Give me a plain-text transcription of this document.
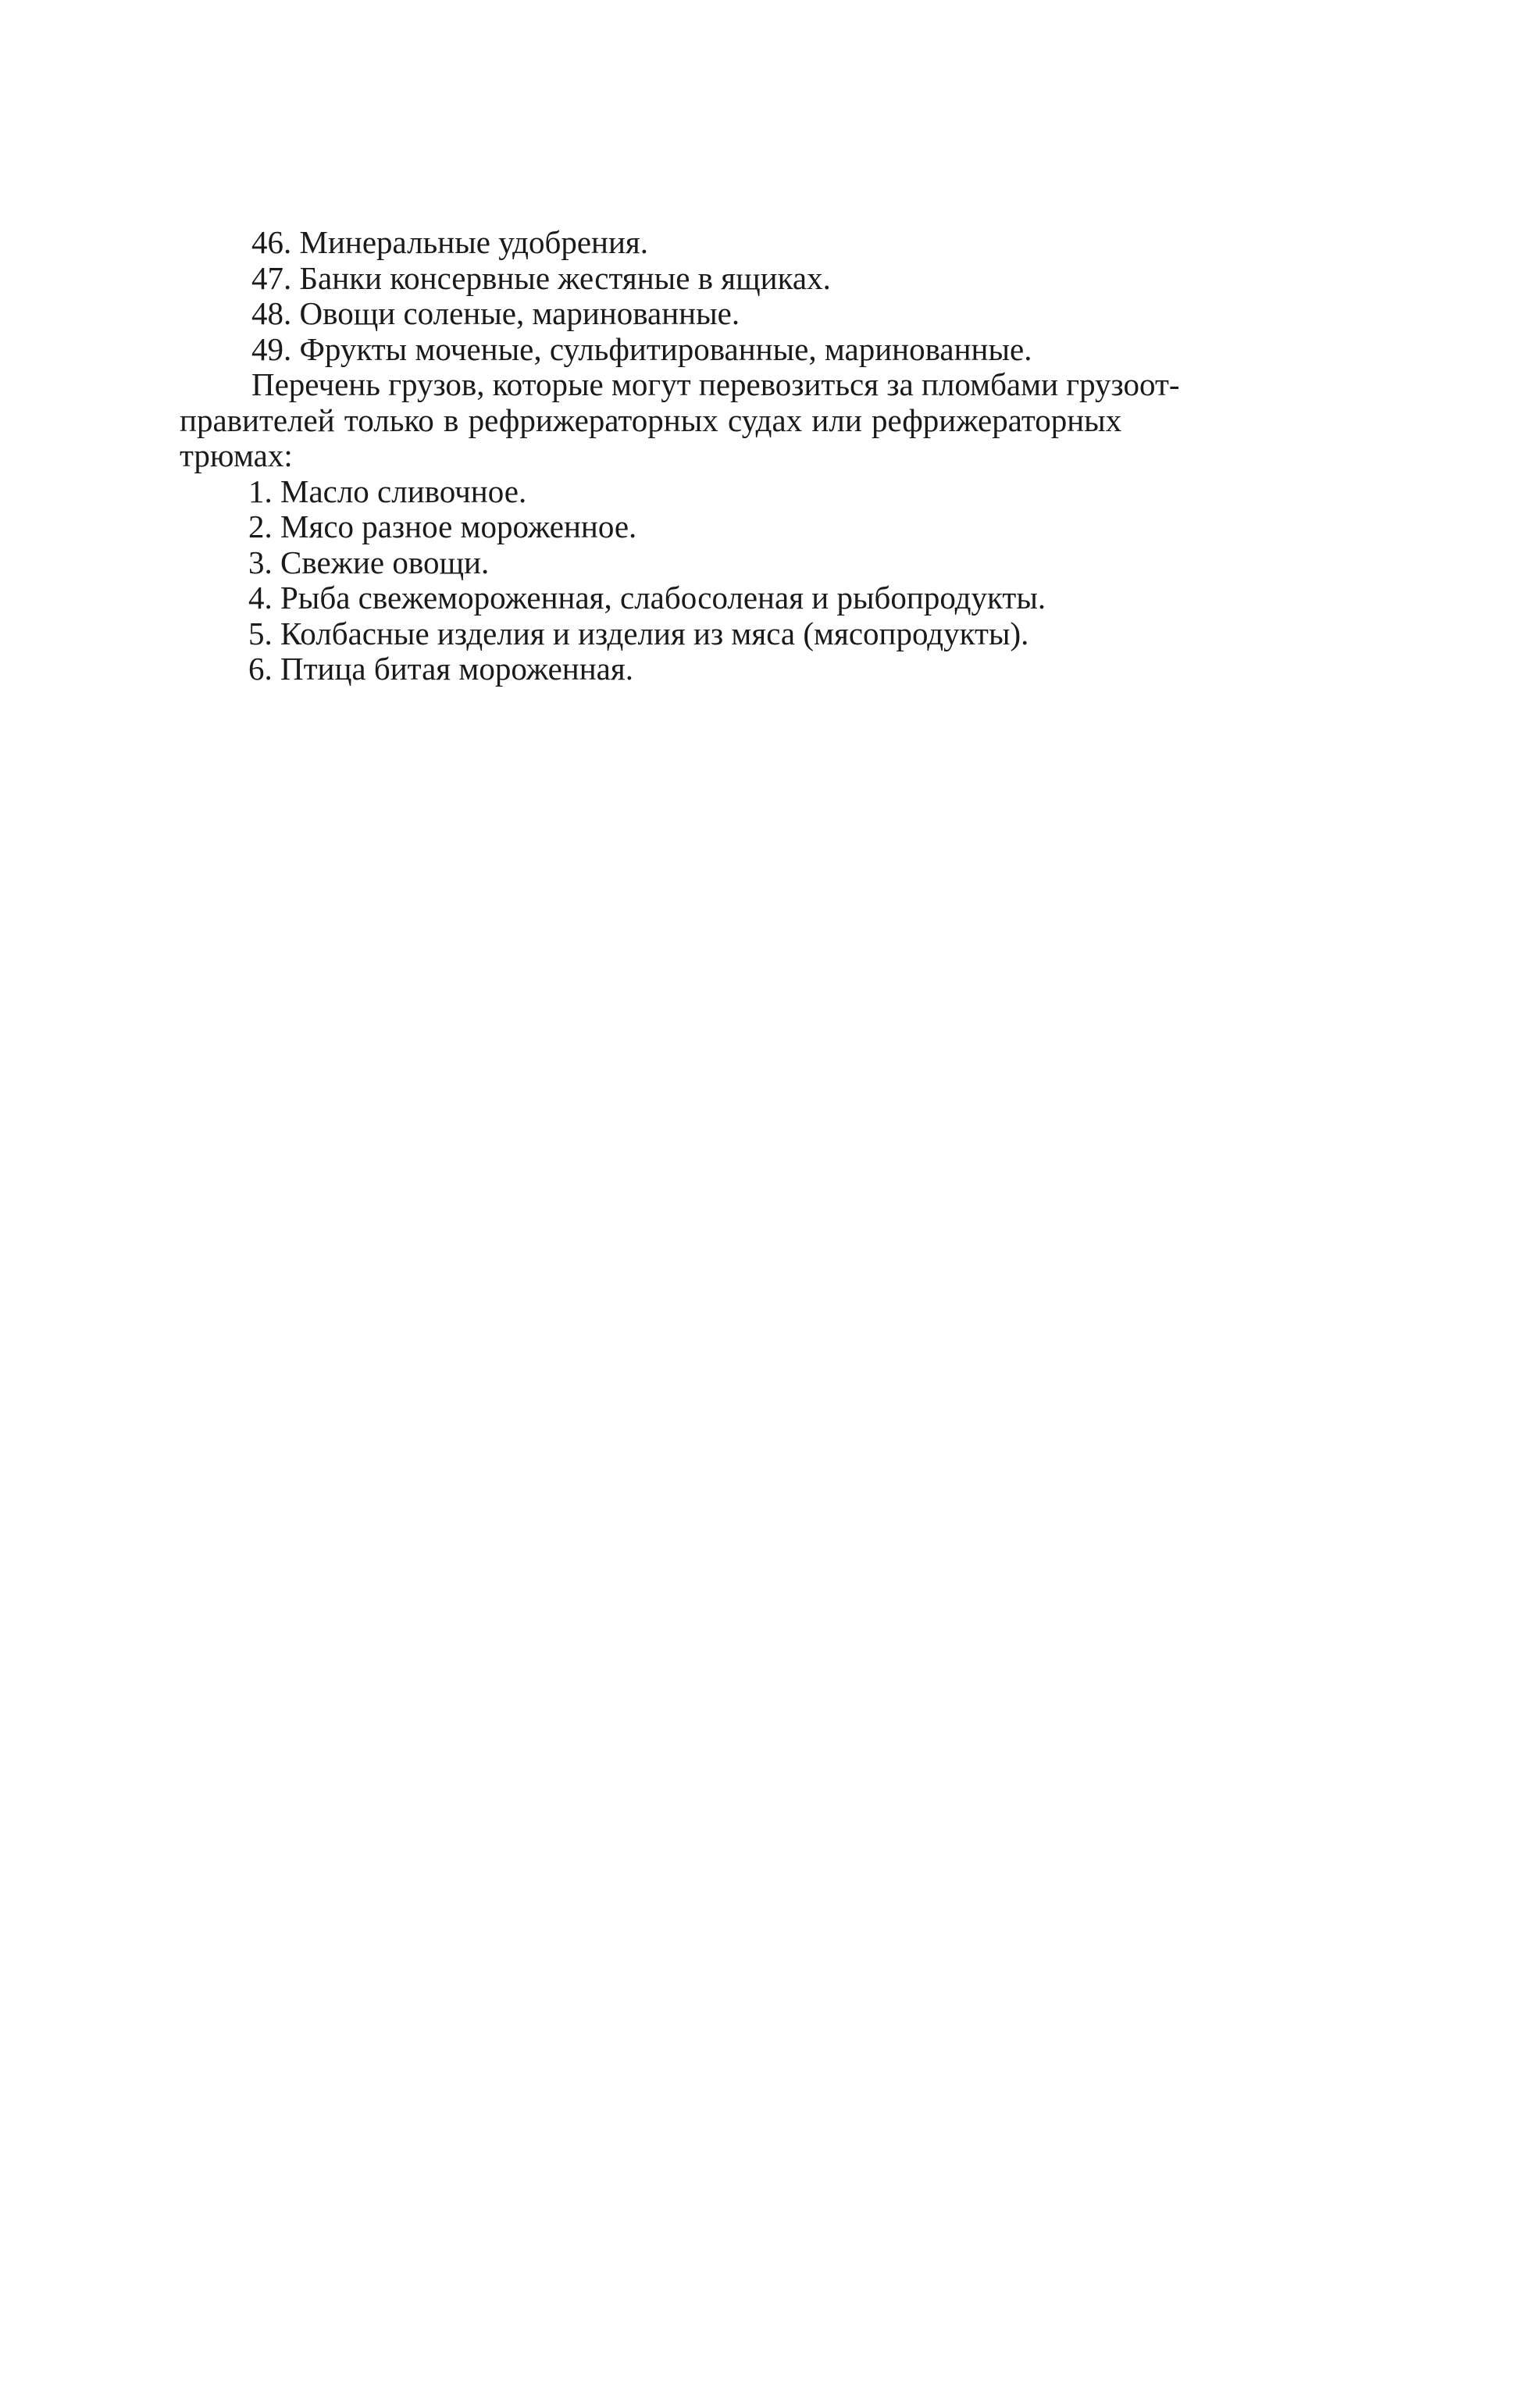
46. Минеральные удобрения.
47. Банки консервные жестяные в ящиках.
48. Овощи соленые, маринованные.
49. Фрукты моченые, сульфитированные, маринованные.
Перечень грузов, которые могут перевозиться за пломбами грузоот-
правителей только в рефрижераторных судах или рефрижераторных
трюмах:
1. Масло сливочное.
2. Мясо разное мороженное.
3. Свежие овощи.
4. Рыба свежемороженная, слабосоленая и рыбопродукты.
5. Колбасные изделия и изделия из мяса (мясопродукты).
6. Птица битая мороженная.
